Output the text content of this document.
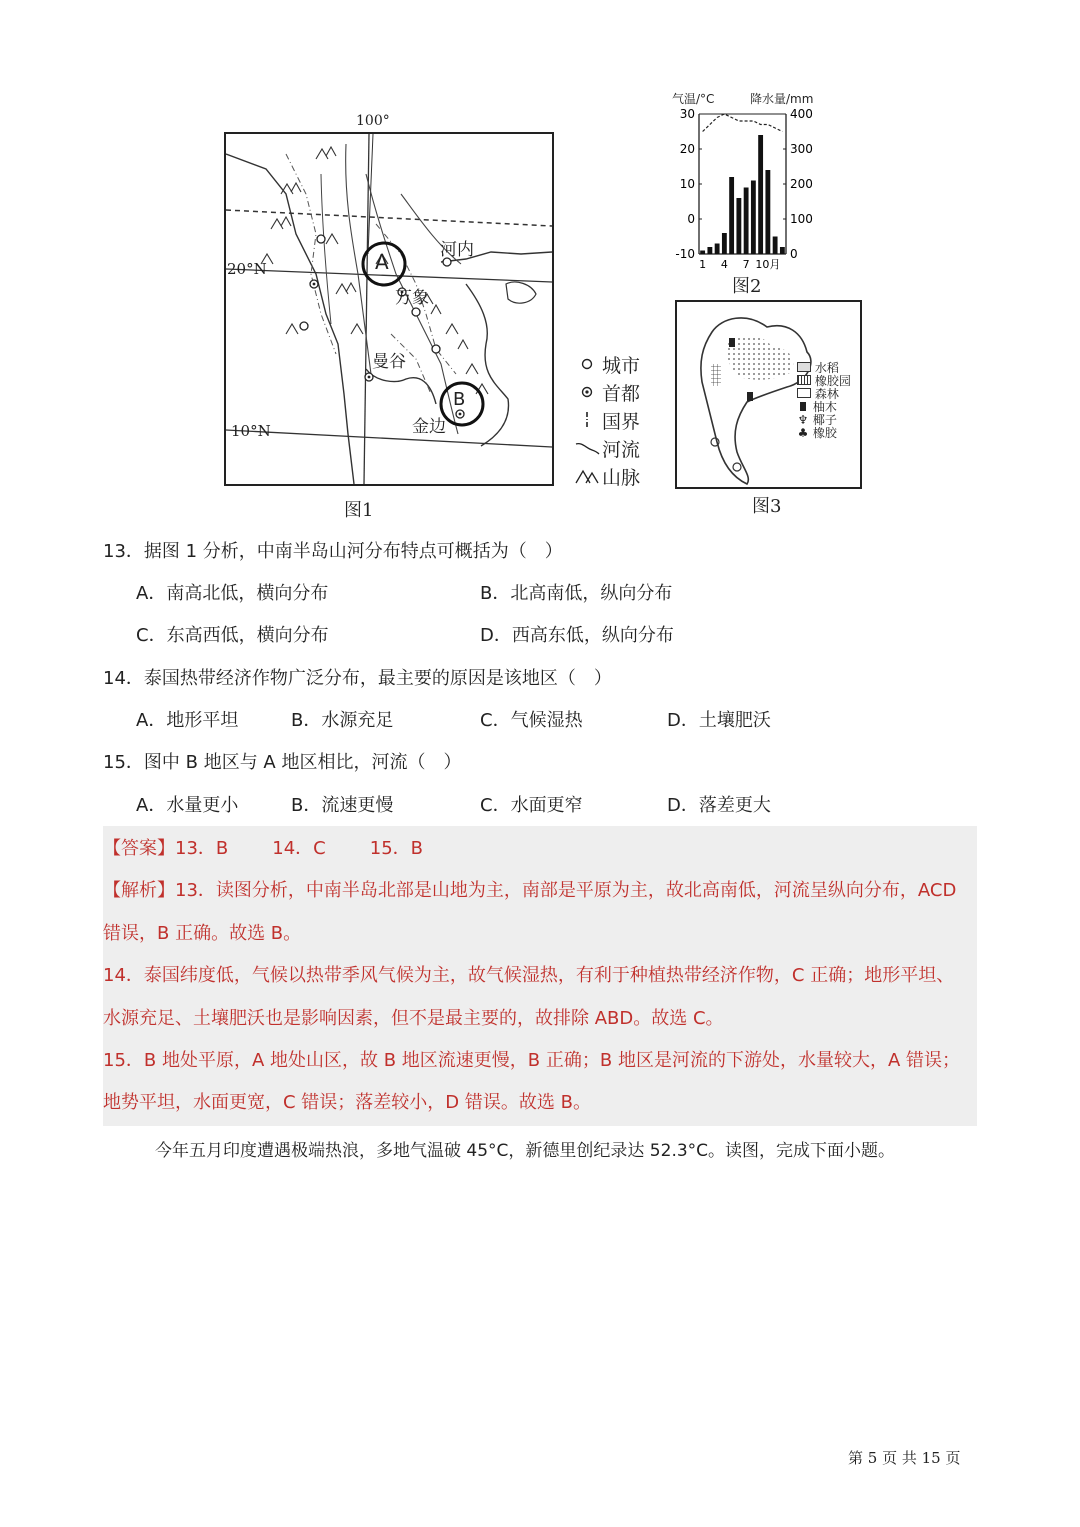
100°
A
B
河内
万象
曼谷
金边
20°N
10°N
城市
首都
国界
河流
山脉
图1
气温/°C	降水量/mm
30
20
10
0
-10
400
300
200
100
0
1 4 7 10月
图2
水稻
橡胶园
森林
柚木
♆ 椰子
♣ 橡胶
图3
13．据图 1 分析，中南半岛山河分布特点可概括为（　）
A．南高北低，横向分布	B．北高南低，纵向分布
C．东高西低，横向分布	D．西高东低，纵向分布
14．泰国热带经济作物广泛分布，最主要的原因是该地区（　）
A．地形平坦	B．水源充足	C．气候湿热	D．土壤肥沃
15．图中 B 地区与 A 地区相比，河流（　）
A．水量更小	B．流速更慢	C．水面更窄	D．落差更大
【答案】13．B 14．C 15．B
【解析】13．读图分析，中南半岛北部是山地为主，南部是平原为主，故北高南低，河流呈纵向分布，ACD
错误，B 正确。故选 B。
14．泰国纬度低，气候以热带季风气候为主，故气候湿热，有利于种植热带经济作物，C 正确；地形平坦、
水源充足、土壤肥沃也是影响因素，但不是最主要的，故排除 ABD。故选 C。
15．B 地处平原，A 地处山区，故 B 地区流速更慢，B 正确；B 地区是河流的下游处，水量较大，A 错误；
地势平坦，水面更宽，C 错误；落差较小，D 错误。故选 B。
今年五月印度遭遇极端热浪，多地气温破 45°C，新德里创纪录达 52.3°C。读图，完成下面小题。
第 5 页 共 15 页
